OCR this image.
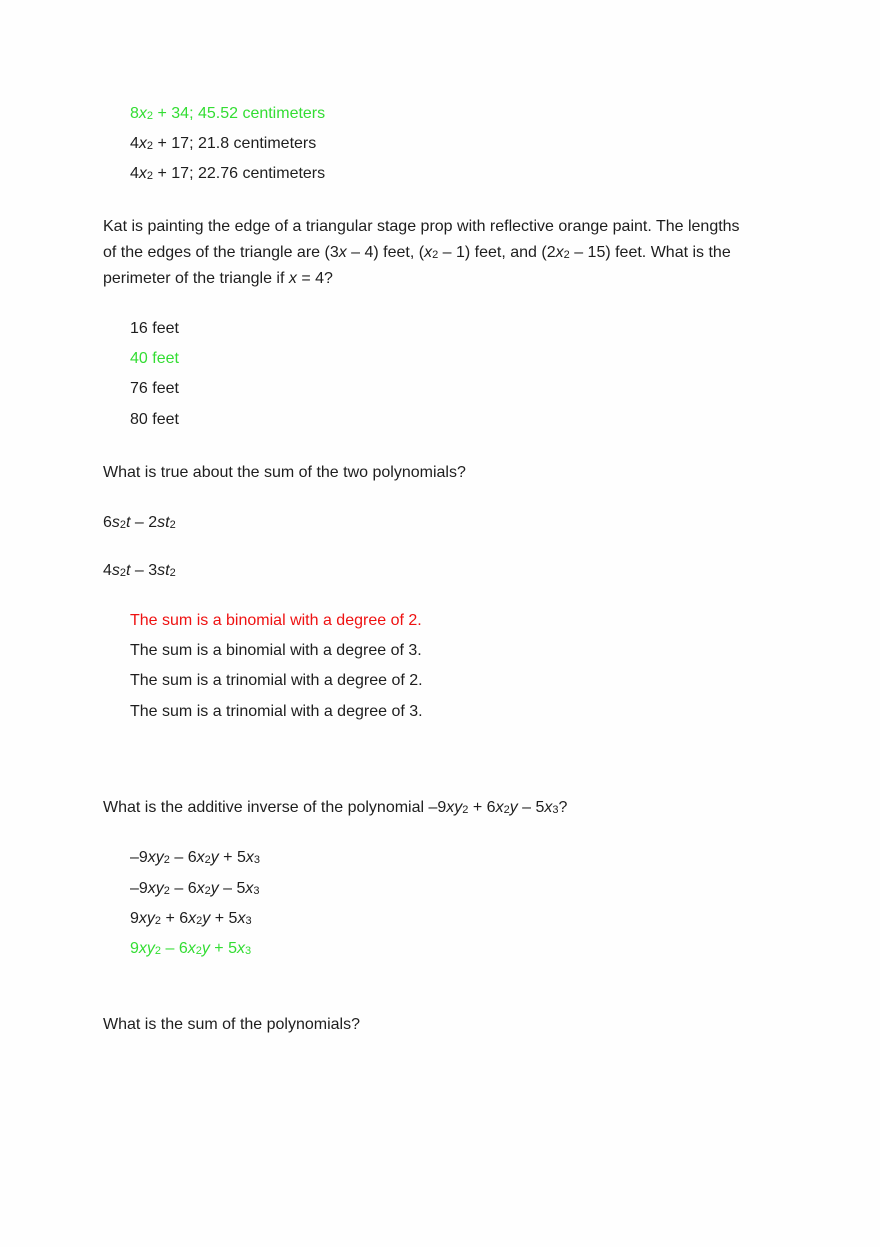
8x2 + 34; 45.52 centimeters
4x2 + 17; 21.8 centimeters
4x2 + 17; 22.76 centimeters
Kat is painting the edge of a triangular stage prop with reflective orange paint. The lengths
of the edges of the triangle are (3x – 4) feet, (x2 – 1) feet, and (2x2 – 15) feet. What is the
perimeter of the triangle if x = 4?
16 feet
40 feet
76 feet
80 feet
What is true about the sum of the two polynomials?
6s2t – 2st2
4s2t – 3st2
The sum is a binomial with a degree of 2.
The sum is a binomial with a degree of 3.
The sum is a trinomial with a degree of 2.
The sum is a trinomial with a degree of 3.
What is the additive inverse of the polynomial –9xy2 + 6x2y – 5x3?
–9xy2 – 6x2y + 5x3
–9xy2 – 6x2y – 5x3
9xy2 + 6x2y + 5x3
9xy2 – 6x2y + 5x3
What is the sum of the polynomials?
